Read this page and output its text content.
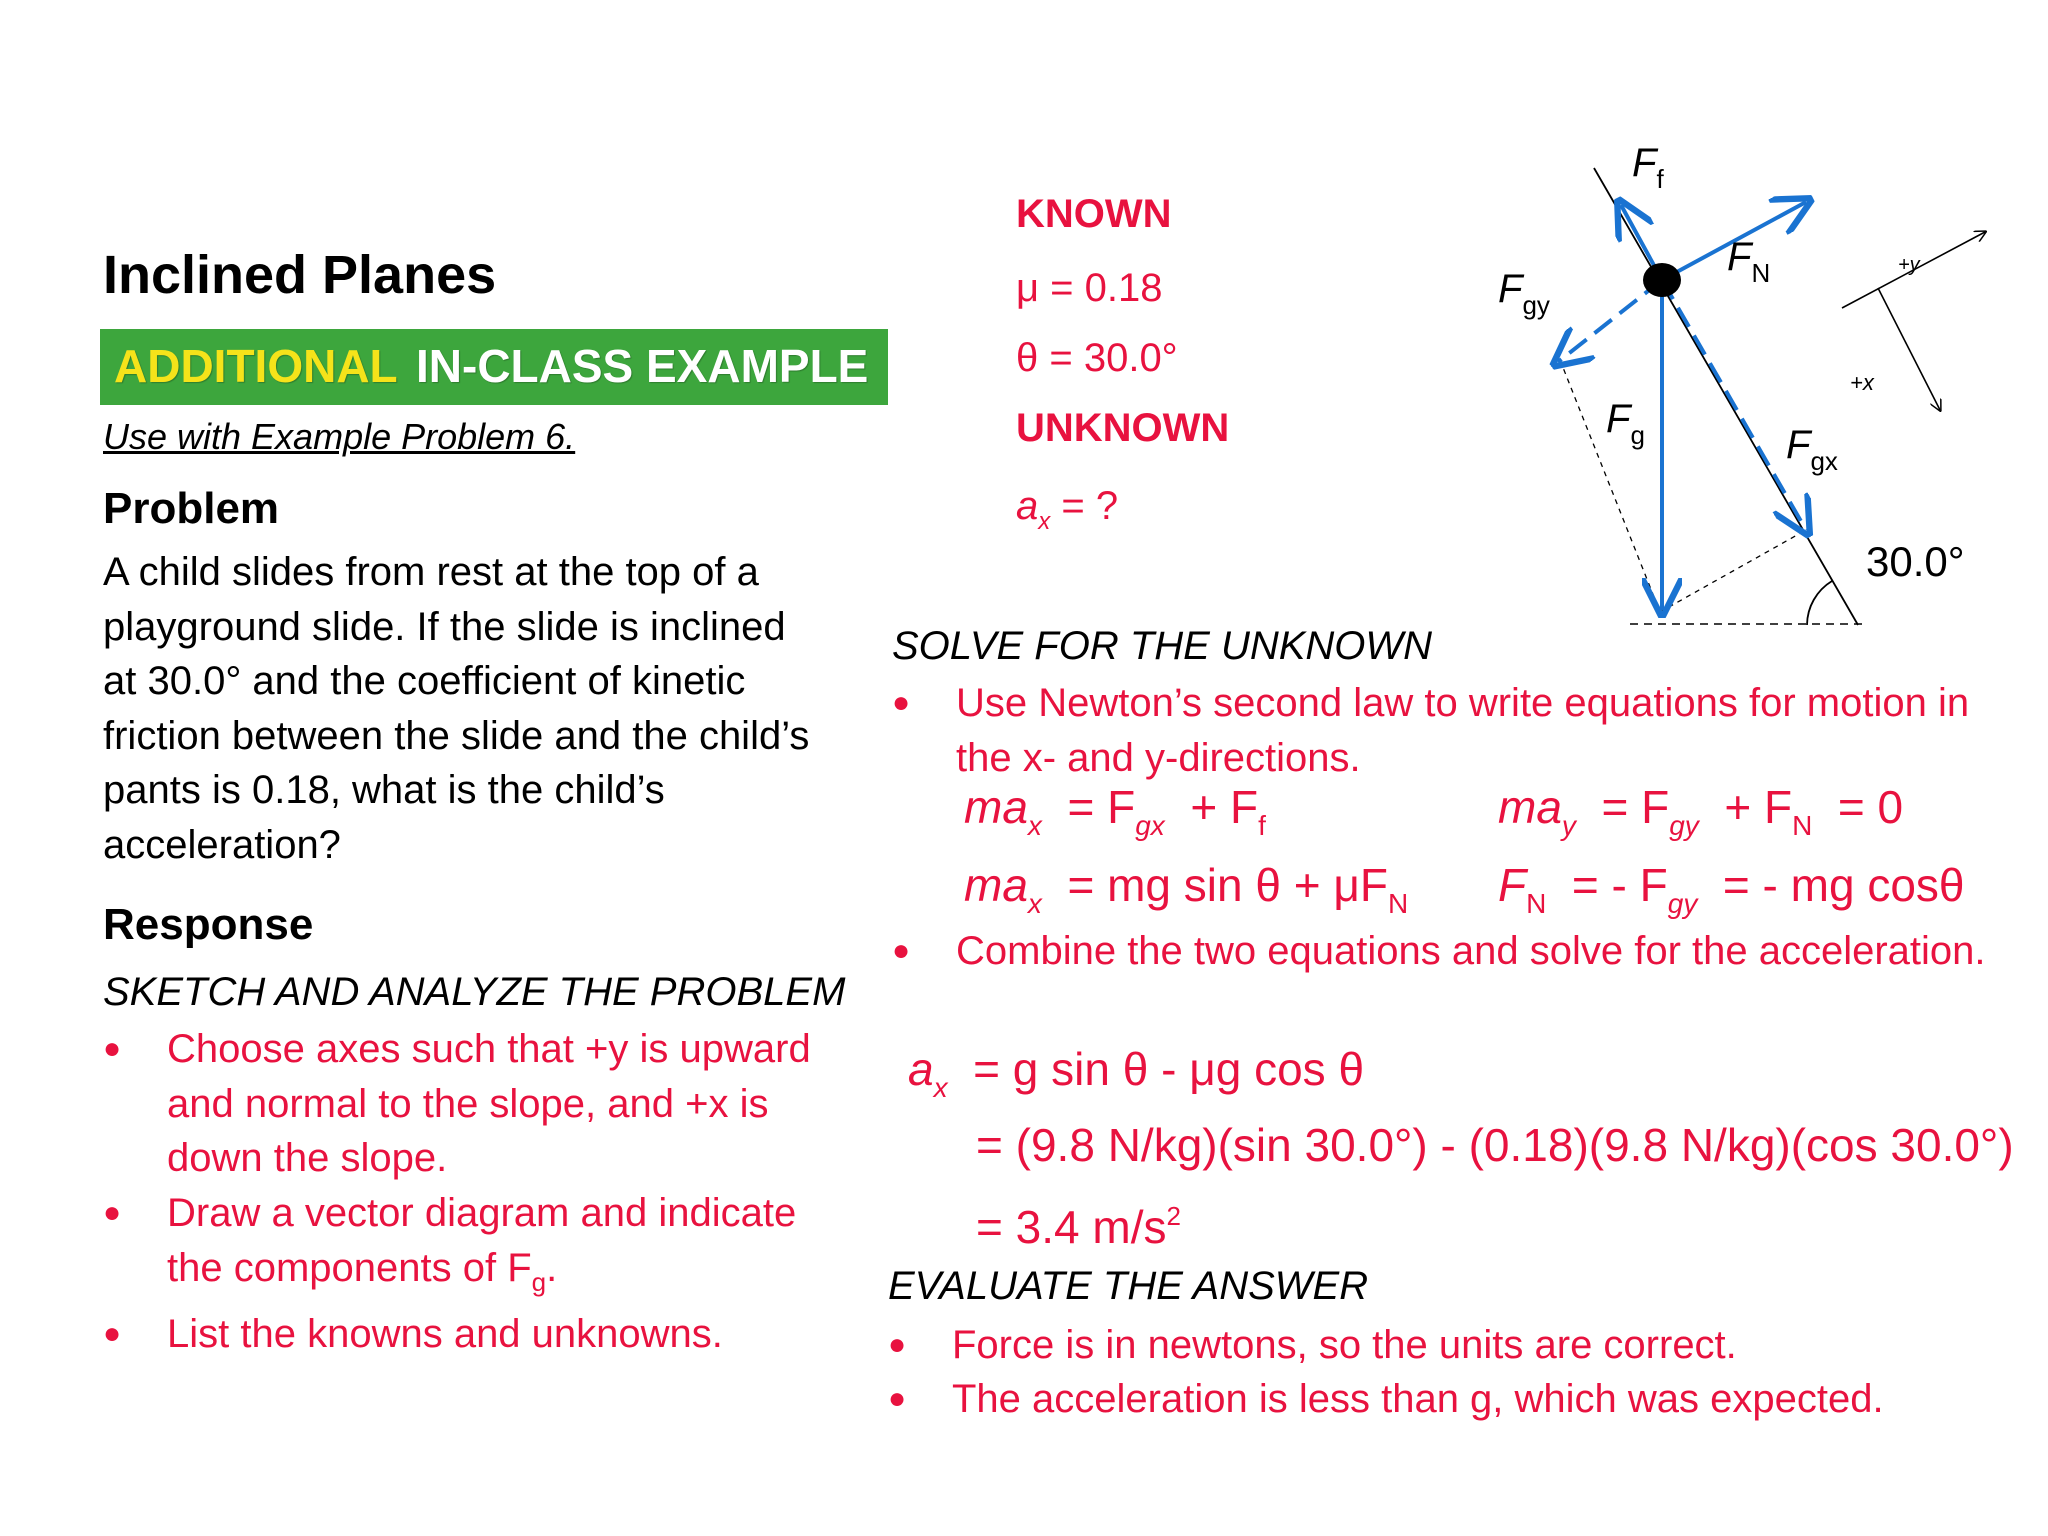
Inclined Planes
ADDITIONAL IN-CLASS EXAMPLE
Use with Example Problem 6.
Problem
A child slides from rest at the top of a
playground slide. If the slide is inclined
at 30.0° and the coefficient of kinetic
friction between the slide and the child’s
pants is 0.18, what is the child’s
acceleration?
Response
SKETCH AND ANALYZE THE PROBLEM
● Choose axes such that +y is upward
and normal to the slope, and +x is
down the slope.
● Draw a vector diagram and indicate
the components of $F_g$.
● List the knowns and unknowns.
KNOWN
μ = 0.18
θ = 30.0°
UNKNOWN
$a_x$ = ?
$F_f$
$F_N$
$F_{gy}$
$F_g$	$F_{gx}$
30.0°
+y
+x
SOLVE FOR THE UNKNOWN
● Use Newton’s second law to write equations for motion in
the x- and y-directions.
$ma_x = F_{gx} + F_f$	$ma_y = F_{gy} + F_N = 0$
$ma_x$ = mg $\sin \theta + \mu F_N$ $F_N$ = - $F_{gy}$ = - mg cosθ
● Combine the two equations and solve for the acceleration.
$a_x = g$ sin θ - μg cos θ
= (9.8 N/kg)(sin 30.0°) - (0.18)(9.8 N/kg)(cos 30.0°)
= 3.4 $m/s^2$
EVALUATE THE ANSWER
● Force is in newtons, so the units are correct.
● The acceleration is less than g, which was expected.
